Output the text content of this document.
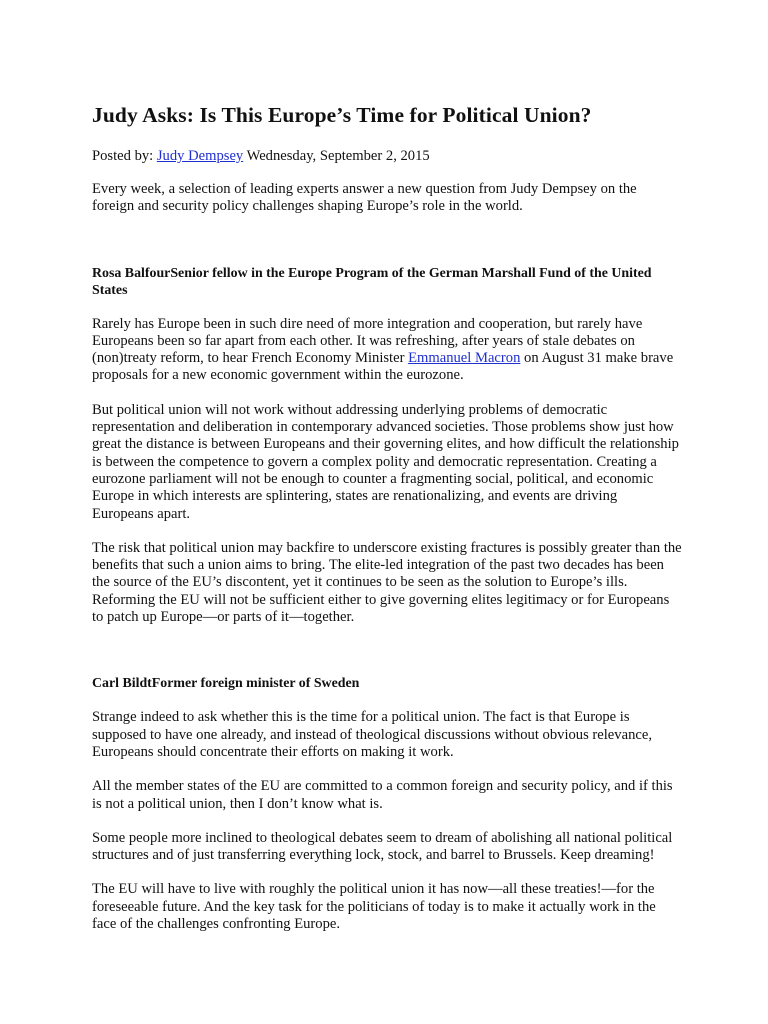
Judy Asks: Is This Europe’s Time for Political Union?
Posted by: Judy Dempsey Wednesday, September 2, 2015

Every week, a selection of leading experts answer a new question from Judy Dempsey on the foreign and security policy challenges shaping Europe’s role in the world.

Rosa BalfourSenior fellow in the Europe Program of the German Marshall Fund of the United States

Rarely has Europe been in such dire need of more integration and cooperation, but rarely have Europeans been so far apart from each other. It was refreshing, after years of stale debates on (non)treaty reform, to hear French Economy Minister Emmanuel Macron on August 31 make brave proposals for a new economic government within the eurozone.

But political union will not work without addressing underlying problems of democratic representation and deliberation in contemporary advanced societies. Those problems show just how great the distance is between Europeans and their governing elites, and how difficult the relationship is between the competence to govern a complex polity and democratic representation. Creating a eurozone parliament will not be enough to counter a fragmenting social, political, and economic Europe in which interests are splintering, states are renationalizing, and events are driving Europeans apart.

The risk that political union may backfire to underscore existing fractures is possibly greater than the benefits that such a union aims to bring. The elite-led integration of the past two decades has been the source of the EU’s discontent, yet it continues to be seen as the solution to Europe’s ills. Reforming the EU will not be sufficient either to give governing elites legitimacy or for Europeans to patch up Europe—or parts of it—together.

Carl BildtFormer foreign minister of Sweden

Strange indeed to ask whether this is the time for a political union. The fact is that Europe is supposed to have one already, and instead of theological discussions without obvious relevance, Europeans should concentrate their efforts on making it work.

All the member states of the EU are committed to a common foreign and security policy, and if this is not a political union, then I don’t know what is.

Some people more inclined to theological debates seem to dream of abolishing all national political structures and of just transferring everything lock, stock, and barrel to Brussels. Keep dreaming!

The EU will have to live with roughly the political union it has now—all these treaties!—for the foreseeable future. And the key task for the politicians of today is to make it actually work in the face of the challenges confronting Europe.
